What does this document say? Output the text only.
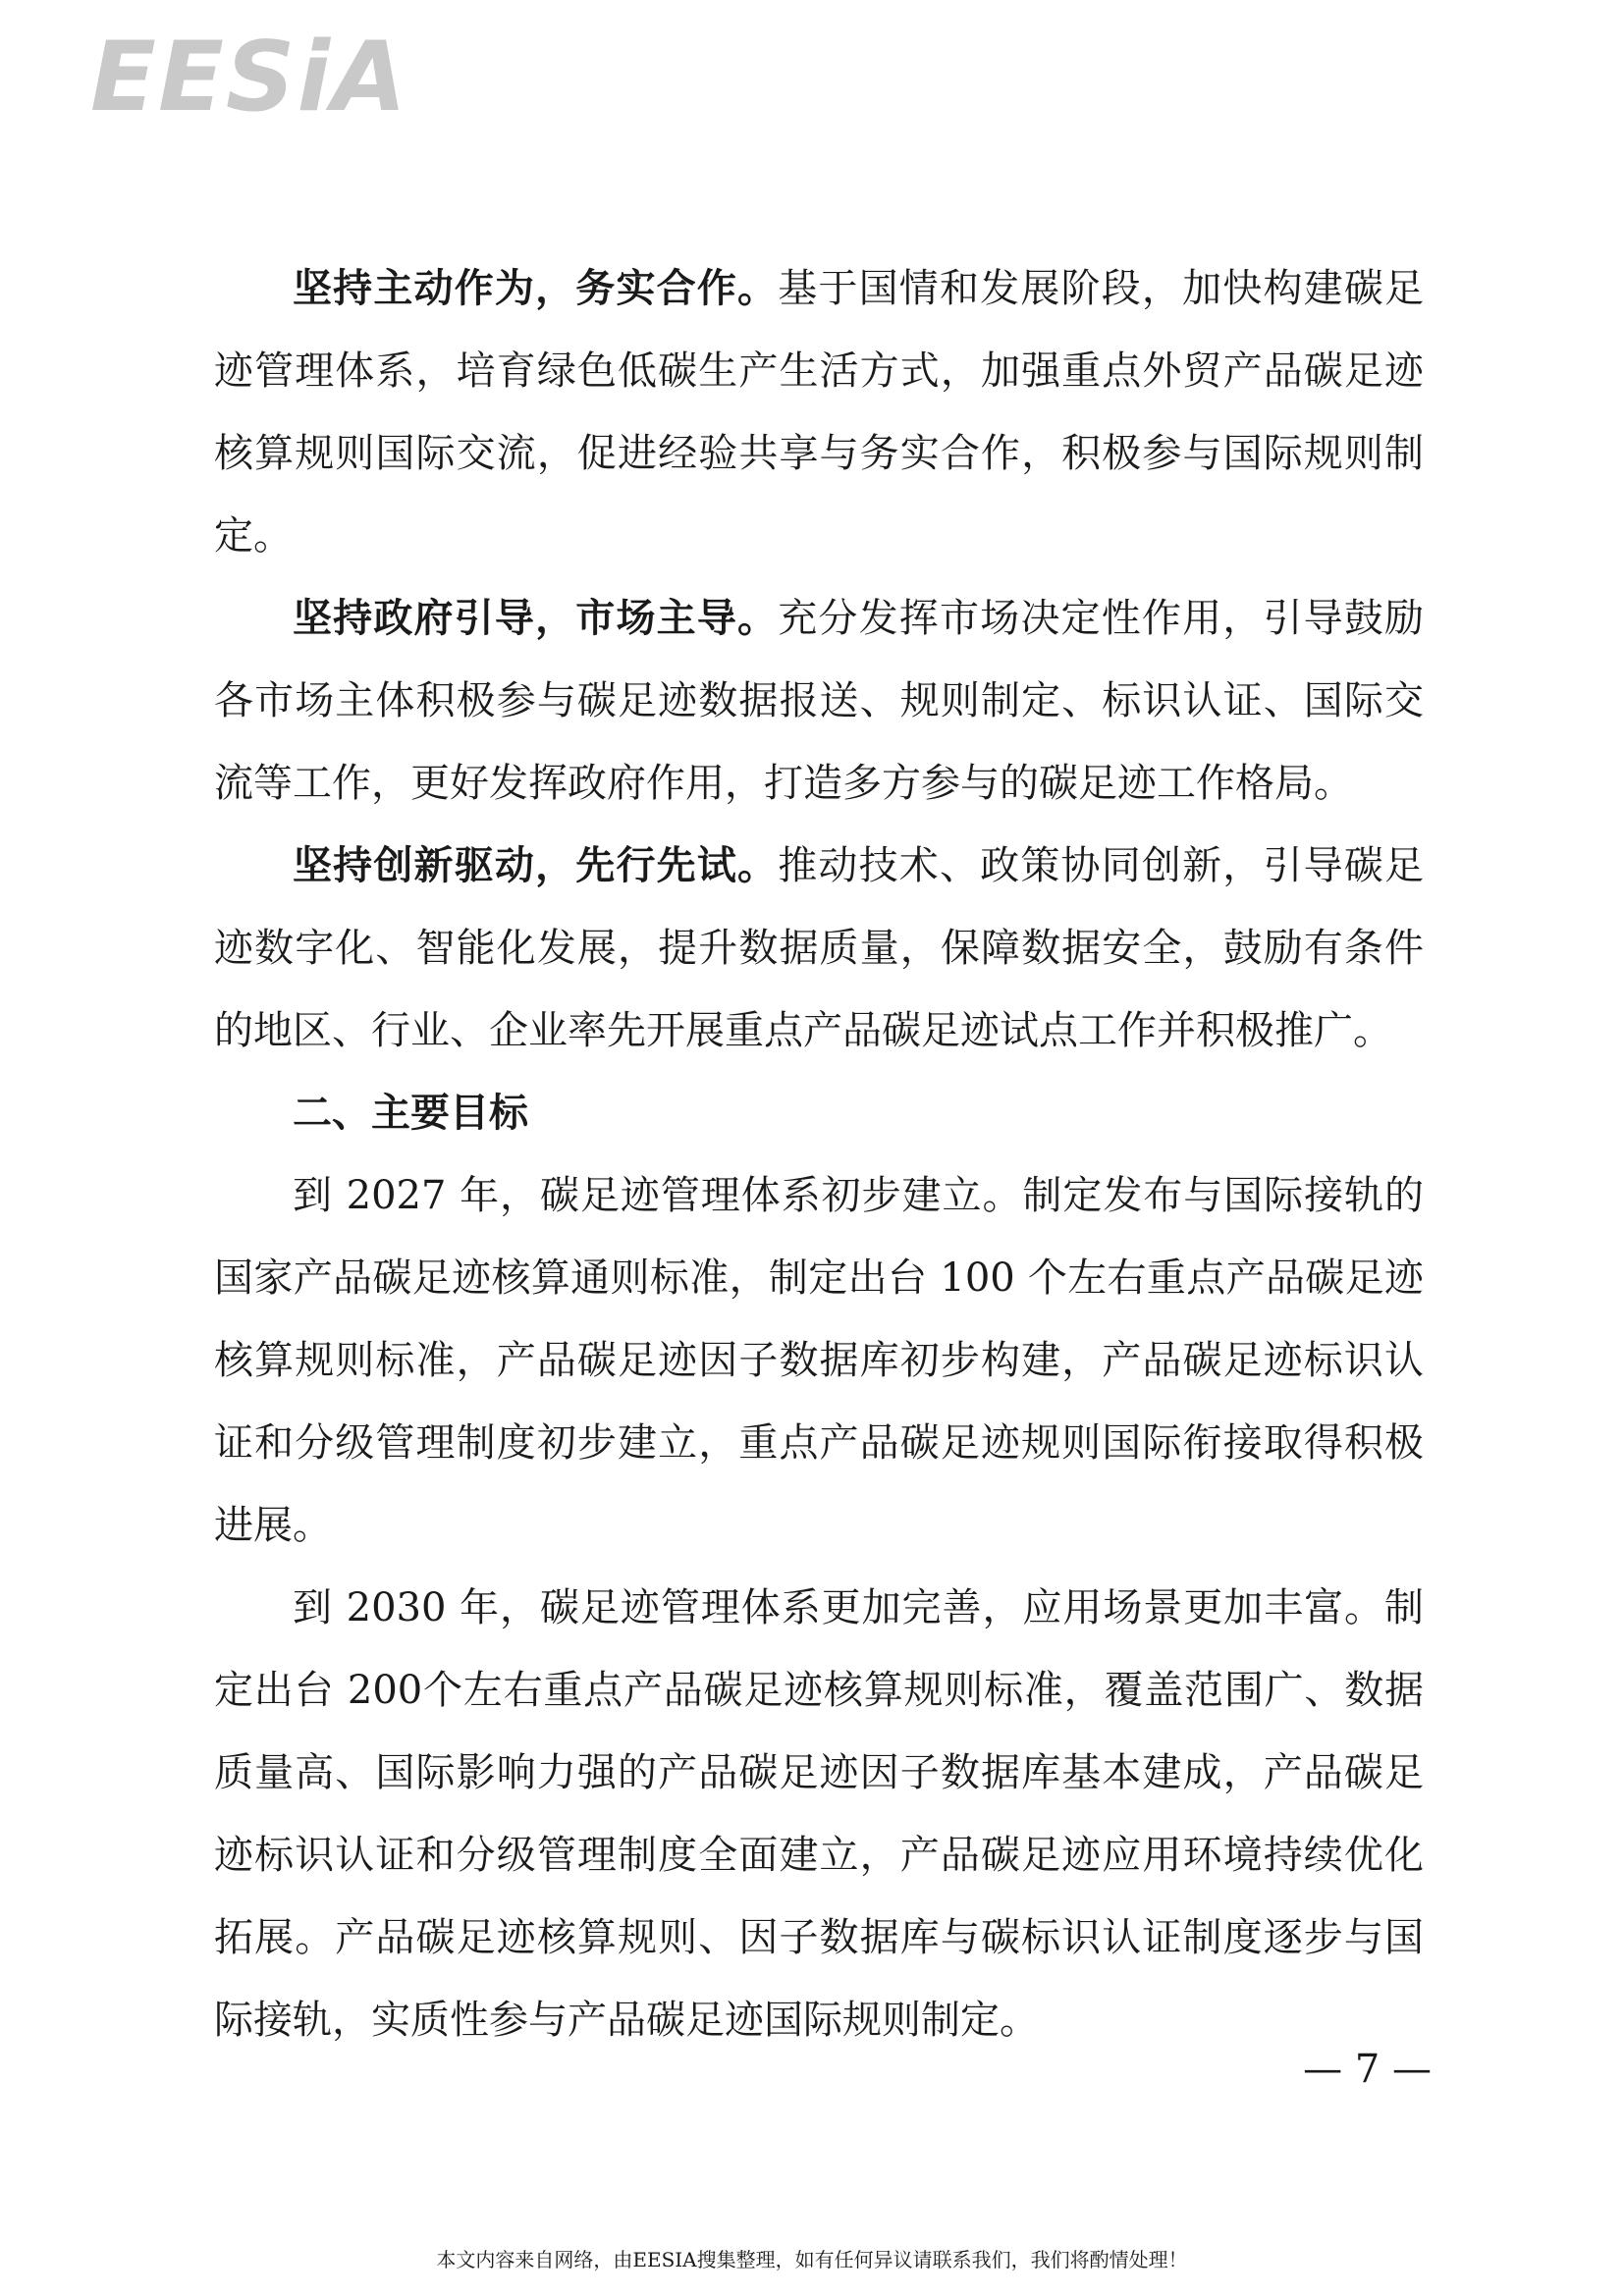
EESiA

坚持主动作为，务实合作。基于国情和发展阶段，加快构建碳足迹管理体系，培育绿色低碳生产生活方式，加强重点外贸产品碳足迹核算规则国际交流，促进经验共享与务实合作，积极参与国际规则制定。

坚持政府引导，市场主导。充分发挥市场决定性作用，引导鼓励各市场主体积极参与碳足迹数据报送、规则制定、标识认证、国际交流等工作，更好发挥政府作用，打造多方参与的碳足迹工作格局。

坚持创新驱动，先行先试。推动技术、政策协同创新，引导碳足迹数字化、智能化发展，提升数据质量，保障数据安全，鼓励有条件的地区、行业、企业率先开展重点产品碳足迹试点工作并积极推广。

二、主要目标

到 2027 年，碳足迹管理体系初步建立。制定发布与国际接轨的国家产品碳足迹核算通则标准，制定出台 100 个左右重点产品碳足迹核算规则标准，产品碳足迹因子数据库初步构建，产品碳足迹标识认证和分级管理制度初步建立，重点产品碳足迹规则国际衔接取得积极进展。

到 2030 年，碳足迹管理体系更加完善，应用场景更加丰富。制定出台 200个左右重点产品碳足迹核算规则标准，覆盖范围广、数据质量高、国际影响力强的产品碳足迹因子数据库基本建成，产品碳足迹标识认证和分级管理制度全面建立，产品碳足迹应用环境持续优化拓展。产品碳足迹核算规则、因子数据库与碳标识认证制度逐步与国际接轨，实质性参与产品碳足迹国际规则制定。

— 7 —
本文内容来自网络，由EESIA搜集整理，如有任何异议请联系我们，我们将酌情处理！
